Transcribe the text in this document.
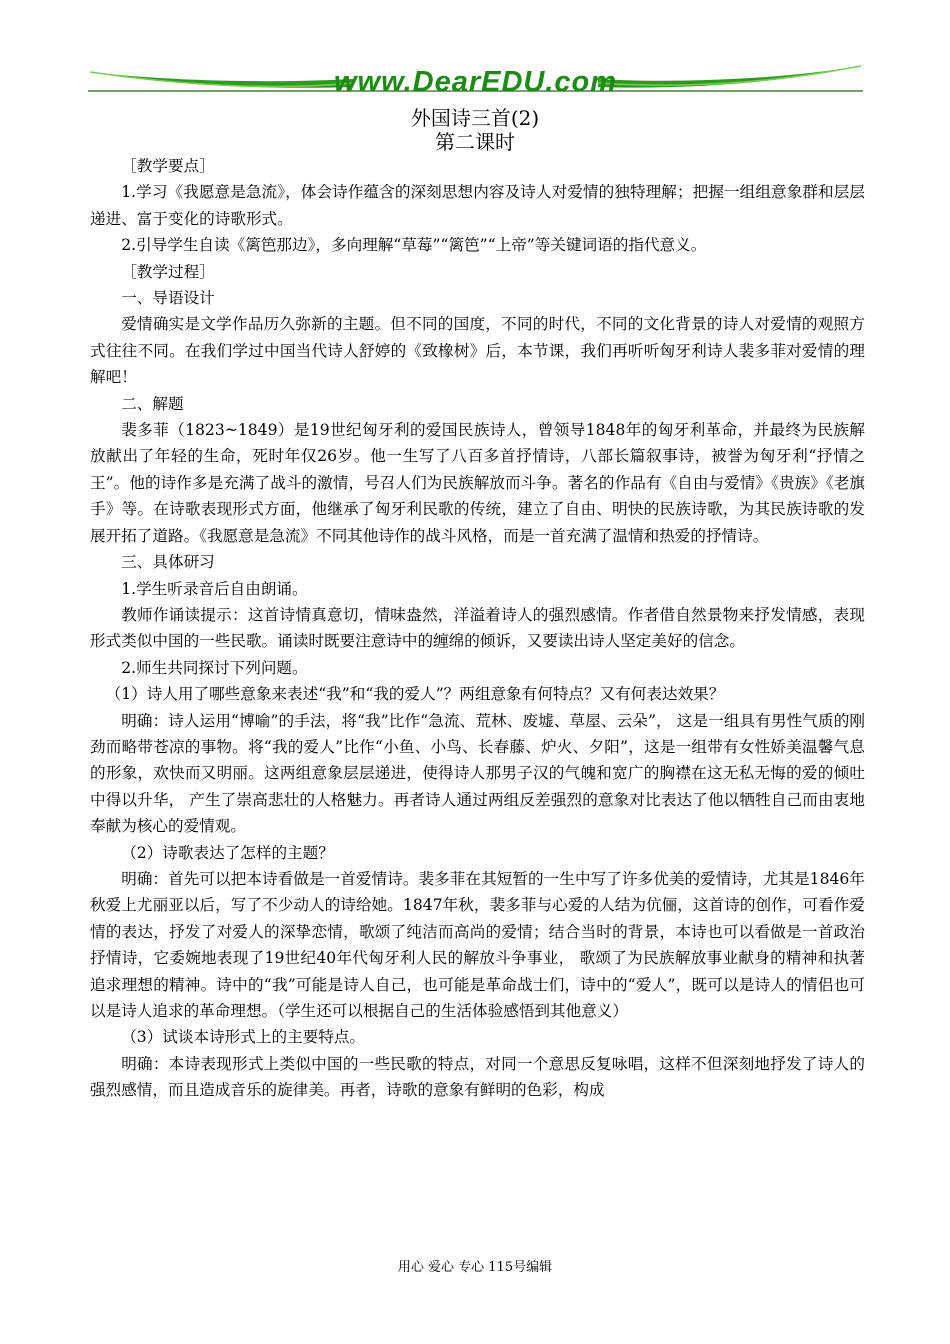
www.DearEDU.com
外国诗三首(2)
第二课时

［教学要点］

1.学习《我愿意是急流》，体会诗作蕴含的深刻思想内容及诗人对爱情的独特理解；把握一组组意象群和层层递进、富于变化的诗歌形式。

2.引导学生自读《篱笆那边》，多向理解“草莓”“篱笆”“上帝”等关键词语的指代意义。

［教学过程］

一、导语设计

爱情确实是文学作品历久弥新的主题。但不同的国度，不同的时代，不同的文化背景的诗人对爱情的观照方式往往不同。在我们学过中国当代诗人舒婷的《致橡树》后，本节课，我们再听听匈牙利诗人裴多菲对爱情的理解吧！

二、解题

裴多菲（1823~1849）是19世纪匈牙利的爱国民族诗人，曾领导1848年的匈牙利革命，并最终为民族解放献出了年轻的生命，死时年仅26岁。他一生写了八百多首抒情诗，八部长篇叙事诗，被誉为匈牙利“抒情之王”。他的诗作多是充满了战斗的激情，号召人们为民族解放而斗争。著名的作品有《自由与爱情》《贵族》《老旗手》等。在诗歌表现形式方面，他继承了匈牙利民歌的传统，建立了自由、明快的民族诗歌，为其民族诗歌的发展开拓了道路。《我愿意是急流》不同其他诗作的战斗风格，而是一首充满了温情和热爱的抒情诗。

三、具体研习

1.学生听录音后自由朗诵。

教师作诵读提示：这首诗情真意切，情味盎然，洋溢着诗人的强烈感情。作者借自然景物来抒发情感，表现形式类似中国的一些民歌。诵读时既要注意诗中的缠绵的倾诉，又要读出诗人坚定美好的信念。

2.师生共同探讨下列问题。

（1）诗人用了哪些意象来表述“我”和“我的爱人”？两组意象有何特点？又有何表达效果？

明确：诗人运用“博喻”的手法，将“我”比作“急流、荒林、废墟、草屋、云朵”， 这是一组具有男性气质的刚劲而略带苍凉的事物。将“我的爱人”比作“小鱼、小鸟、长春藤、炉火、夕阳”，这是一组带有女性娇美温馨气息的形象，欢快而又明丽。这两组意象层层递进，使得诗人那男子汉的气魄和宽广的胸襟在这无私无悔的爱的倾吐中得以升华， 产生了崇高悲壮的人格魅力。再者诗人通过两组反差强烈的意象对比表达了他以牺牲自己而由衷地奉献为核心的爱情观。

（2）诗歌表达了怎样的主题？

明确：首先可以把本诗看做是一首爱情诗。裴多菲在其短暂的一生中写了许多优美的爱情诗，尤其是1846年秋爱上尤丽亚以后，写了不少动人的诗给她。1847年秋，裴多菲与心爱的人结为伉俪，这首诗的创作，可看作爱情的表达，抒发了对爱人的深挚恋情，歌颂了纯洁而高尚的爱情；结合当时的背景，本诗也可以看做是一首政治抒情诗，它委婉地表现了19世纪40年代匈牙利人民的解放斗争事业， 歌颂了为民族解放事业献身的精神和执著追求理想的精神。诗中的“我”可能是诗人自己，也可能是革命战士们，诗中的“爱人”，既可以是诗人的情侣也可以是诗人追求的革命理想。（学生还可以根据自己的生活体验感悟到其他意义）

（3）试谈本诗形式上的主要特点。

明确：本诗表现形式上类似中国的一些民歌的特点，对同一个意思反复咏唱，这样不但深刻地抒发了诗人的强烈感情，而且造成音乐的旋律美。再者，诗歌的意象有鲜明的色彩，构成

用心 爱心 专心 115号编辑
